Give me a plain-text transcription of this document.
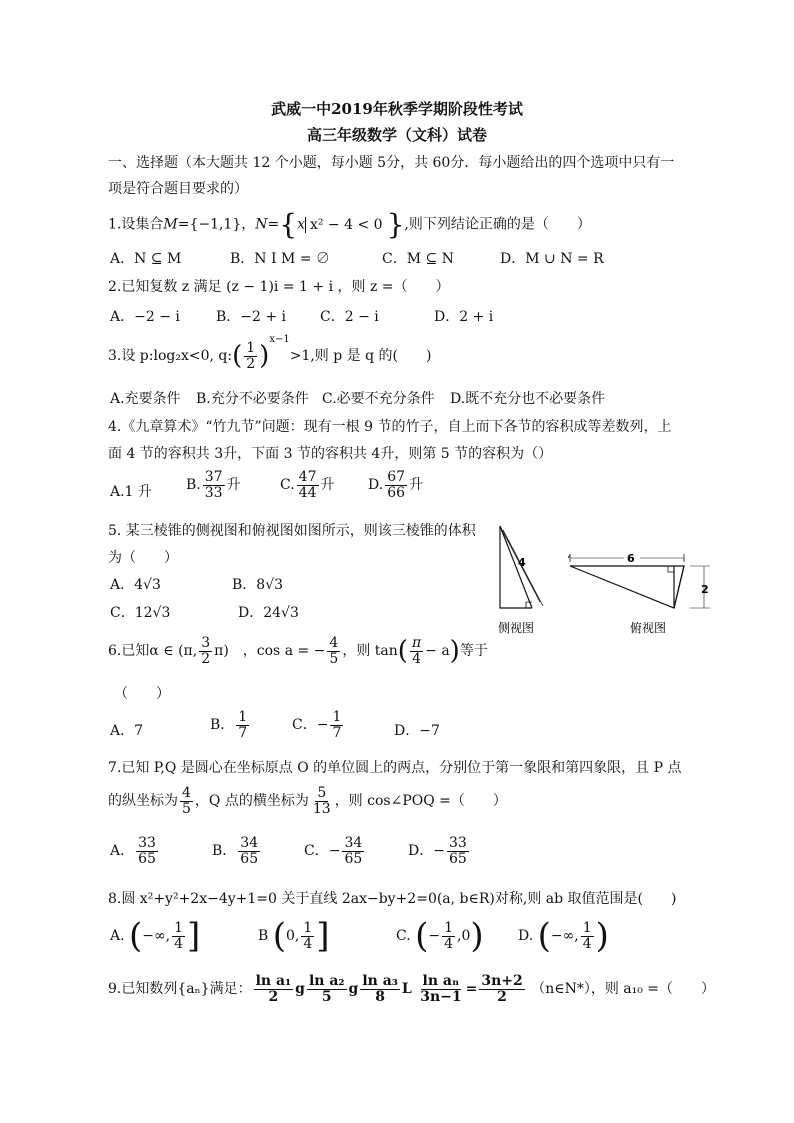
武威一中2019年秋季学期阶段性考试
高三年级数学（文科）试卷
一、选择题（本大题共 12 个小题，每小题 5分，共 60分．每小题给出的四个选项中只有一
项是符合题目要求的）
1.设集合M={−1,1}，N={x x² − 4 < 0 },则下列结论正确的是（　　）
A．N ⊆ M	B．N Ⅰ M = ∅	C．M ⊆ N	D．M ∪ N = R
2.已知复数 z 满足 (z − 1)i = 1 + i ，则 z =（　　）
A．−2 − i	B．−2 + i C．2 − i	D．2 + i
3.设 p:log₂x<0, q:( $\frac{1}{2} )^{x-1}>1$,则 p 是 q 的(　　)
A.充要条件 B.充分不必要条件 C.必要不充分条件 D.既不充分也不必要条件
4.《九章算术》“竹九节”问题：现有一根 9 节的竹子，自上而下各节的容积成等差数列，上
面 4 节的容积共 3升，下面 3 节的容积共 4升，则第 5 节的容积为（）
A.1 升 B. $\frac{37}{33}$ 升	C. $\frac{47}{44}$ 升 D. $\frac{67}{66}$ 升
5. 某三棱锥的侧视图和俯视图如图所示，则该三棱锥的体积
为（　　）
A．4√3	B．8√3
C．12√3	D．24√3
4	6
2
侧视图	俯视图
6.已知α ∈ (π, $\frac{3}{2} \pi$)　，cos a = − $\frac{4}{5}$ ，则 $\tan( \frac{\pi}{4} - a)$等于
（　　）
A．7	B． $\frac{1}{7}$	C．− $\frac{1}{7}$	D．−7
7.已知 P,Q 是圆心在坐标原点 O 的单位圆上的两点，分别位于第一象限和第四象限，且 P 点
的纵坐标为 $\frac{4}{5}$ ，Q 点的横坐标为 $\frac{5}{13}$ ，则 cos∠POQ =（　　）
A． $\frac{33}{65}$	B． $\frac{34}{65}$	C．− $\frac{34}{65}$	D．− $\frac{33}{65}$
8.圆 x²+y²+2x−4y+1=0 关于直线 2ax−by+2=0(a, b∈R)对称,则 ab 取值范围是(　　)
A. (−∞, $\frac{1}{4}$ ]	B (0, $\frac{1}{4}$ ]	C. (− $\frac{1}{4} ,0$) D. (−∞, $\frac{1}{4}$ )
9.已知数列{aₙ}满足： $\frac{\text{ln a₁}}{2}$ g $\frac{\text{ln a₂}}{5}$ g $\frac{\text{ln a₃}}{8}$ L $\frac{\text{ln aₙ}}{3n-1} = \frac{3n+2}{2}$ （n∈N*），则 a₁₀ =（　　）
